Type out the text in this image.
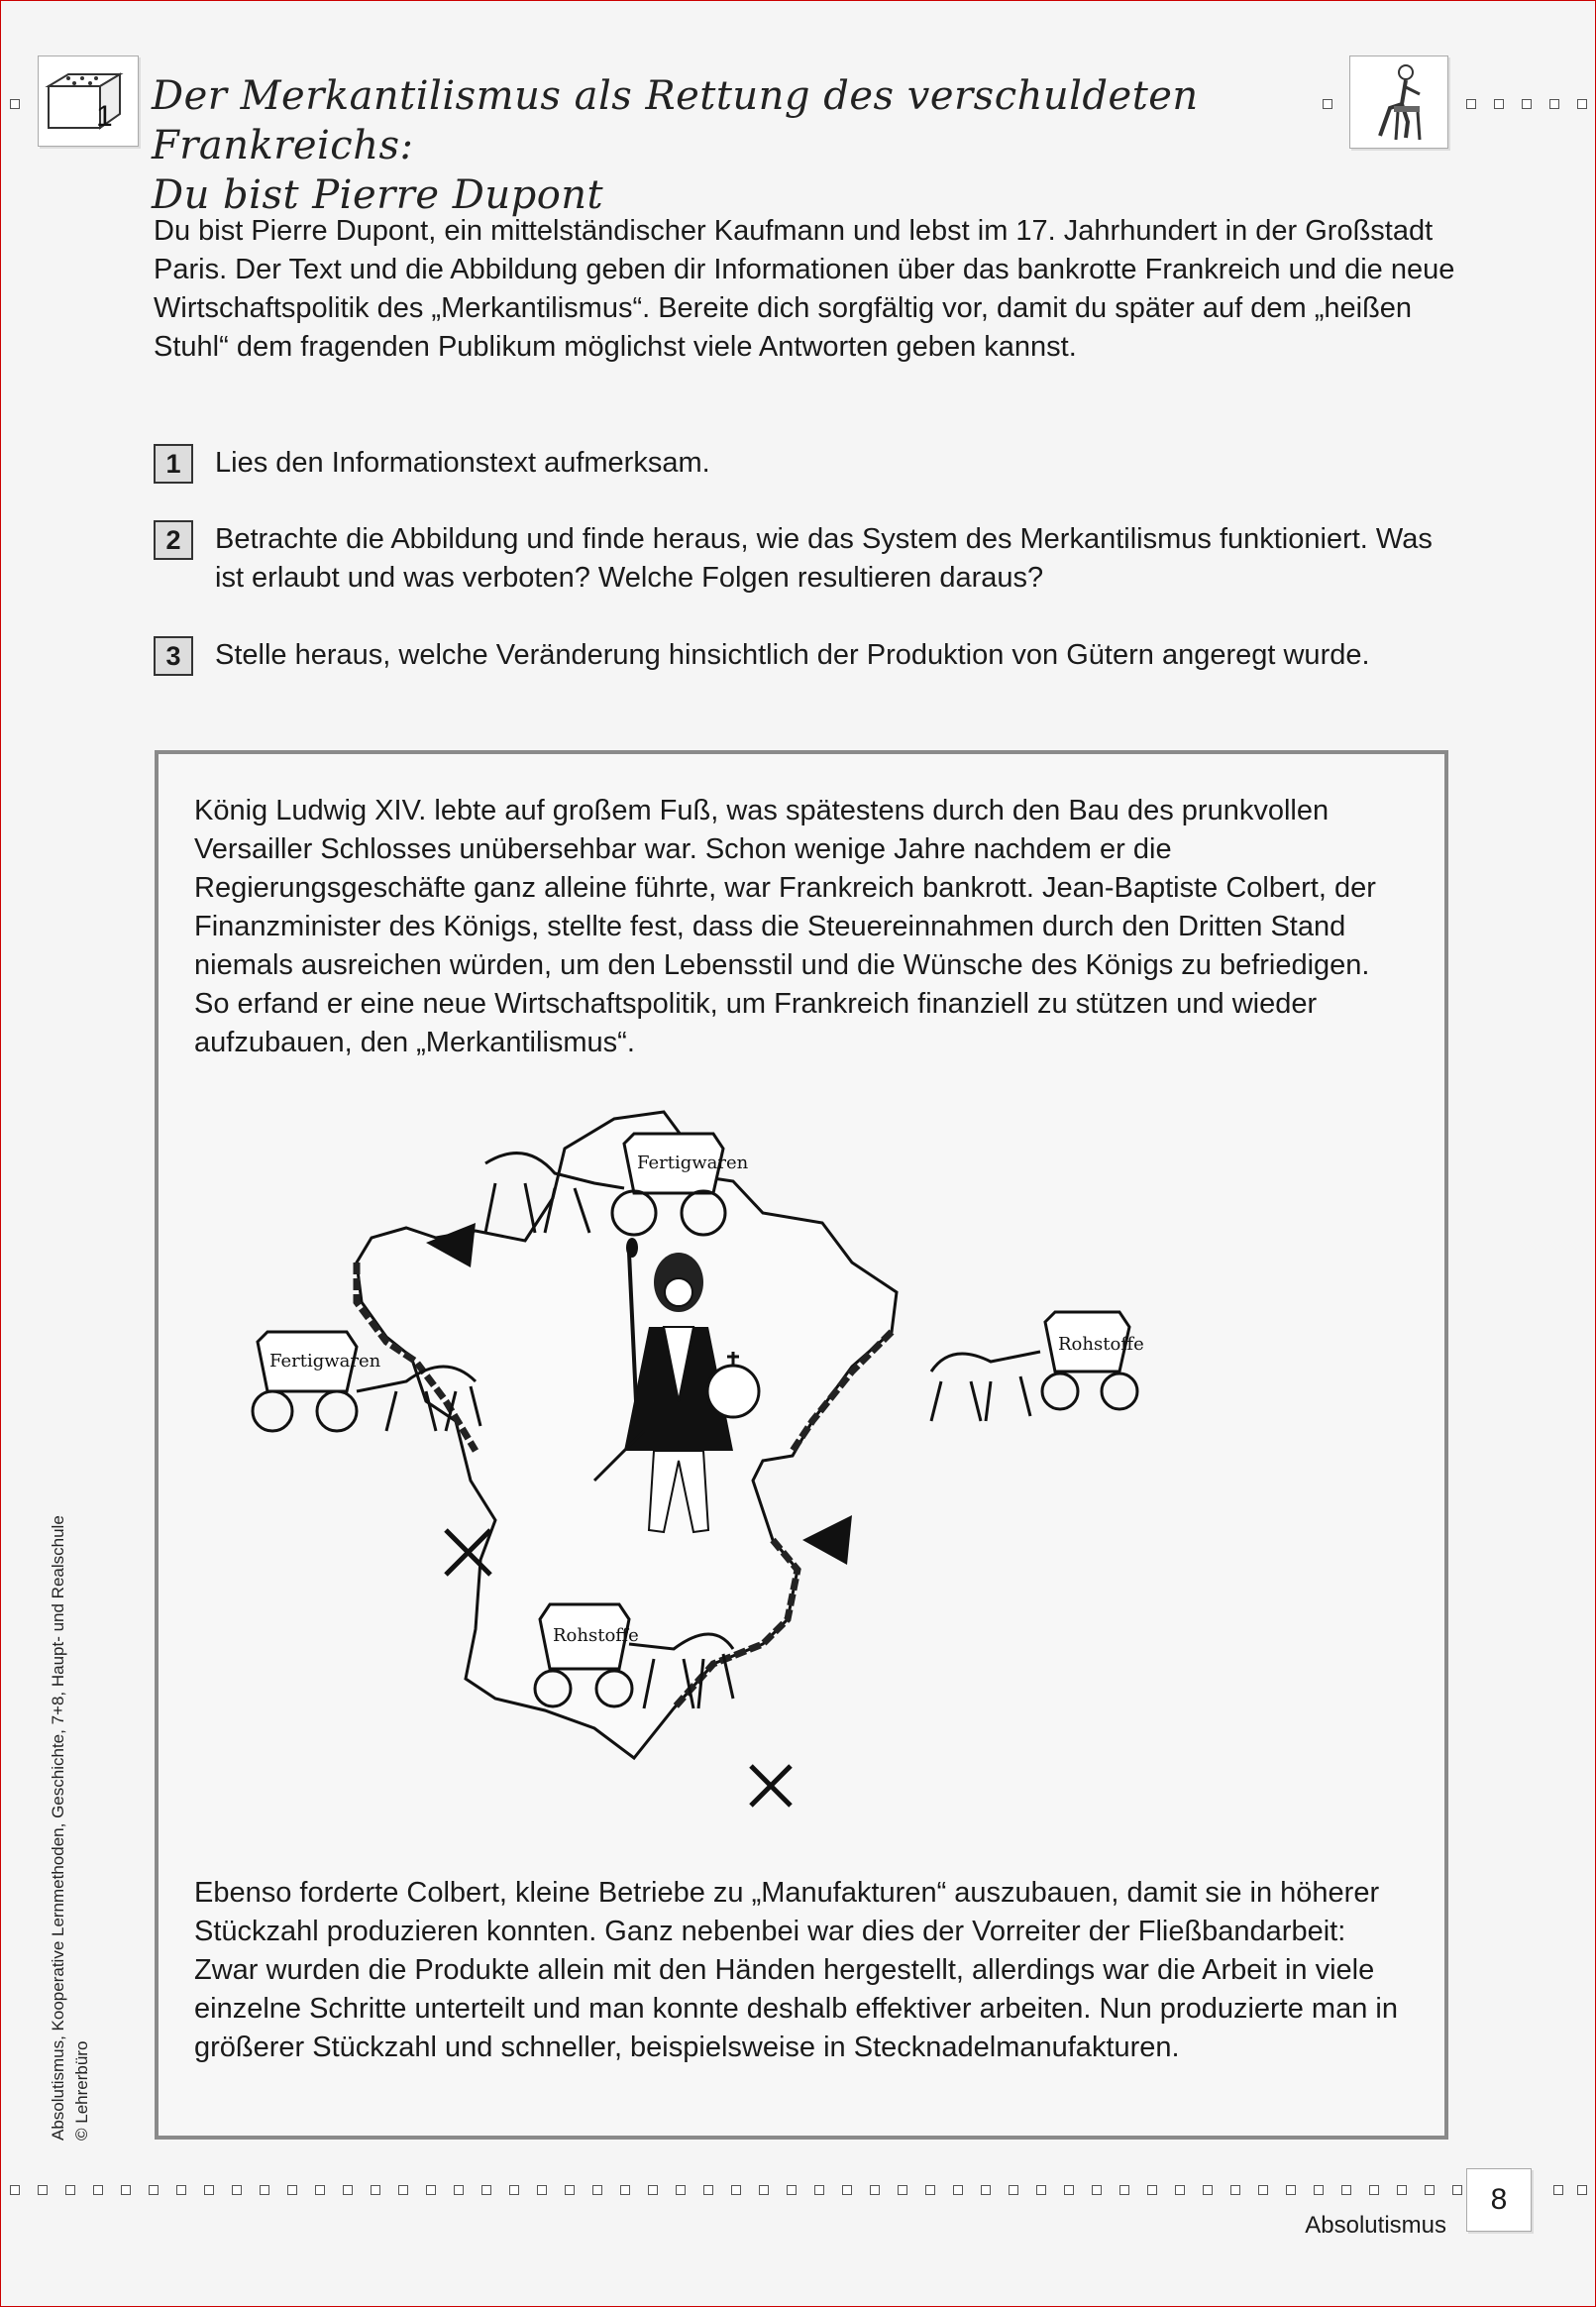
1 Der Merkantilismus als Rettung des verschuldeten Frankreichs:
Du bist Pierre Dupont
Du bist Pierre Dupont, ein mittelständischer Kaufmann und lebst im 17. Jahrhundert in der Großstadt Paris. Der Text und die Abbildung geben dir Informationen über das bankrotte Frankreich und die neue Wirtschaftspolitik des „Merkantilismus“. Bereite dich sorgfältig vor, damit du später auf dem „heißen Stuhl“ dem fragenden Publikum möglichst viele Antworten geben kannst.
1	Lies den Informationstext aufmerksam.
2	Betrachte die Abbildung und finde heraus, wie das System des Merkantilismus funktioniert. Was ist erlaubt und was verboten? Welche Folgen resultieren daraus?
3	Stelle heraus, welche Veränderung hinsichtlich der Produktion von Gütern angeregt wurde.
König Ludwig XIV. lebte auf großem Fuß, was spätestens durch den Bau des prunkvollen Versailler Schlosses unübersehbar war. Schon wenige Jahre nachdem er die Regierungsgeschäfte ganz alleine führte, war Frankreich bankrott. Jean-Baptiste Colbert, der Finanzminister des Königs, stellte fest, dass die Steuereinnahmen durch den Dritten Stand niemals ausreichen würden, um den Lebensstil und die Wünsche des Königs zu befriedigen. So erfand er eine neue Wirtschaftspolitik, um Frankreich finanziell zu stützen und wieder aufzubauen, den „Merkantilismus“.
Fertigwaren
Fertigwaren
Rohstoffe
Rohstoffe
Ebenso forderte Colbert, kleine Betriebe zu „Manufakturen“ auszubauen, damit sie in höherer Stückzahl produzieren konnten. Ganz nebenbei war dies der Vorreiter der Fließbandarbeit: Zwar wurden die Produkte allein mit den Händen hergestellt, allerdings war die Arbeit in viele einzelne Schritte unterteilt und man konnte deshalb effektiver arbeiten. Nun produzierte man in größerer Stückzahl und schneller, beispielsweise in Stecknadelmanufakturen.
Absolutismus, Kooperative Lernmethoden, Geschichte, 7+8, Haupt- und Realschule © Lehrerbüro
Absolutismus
8
